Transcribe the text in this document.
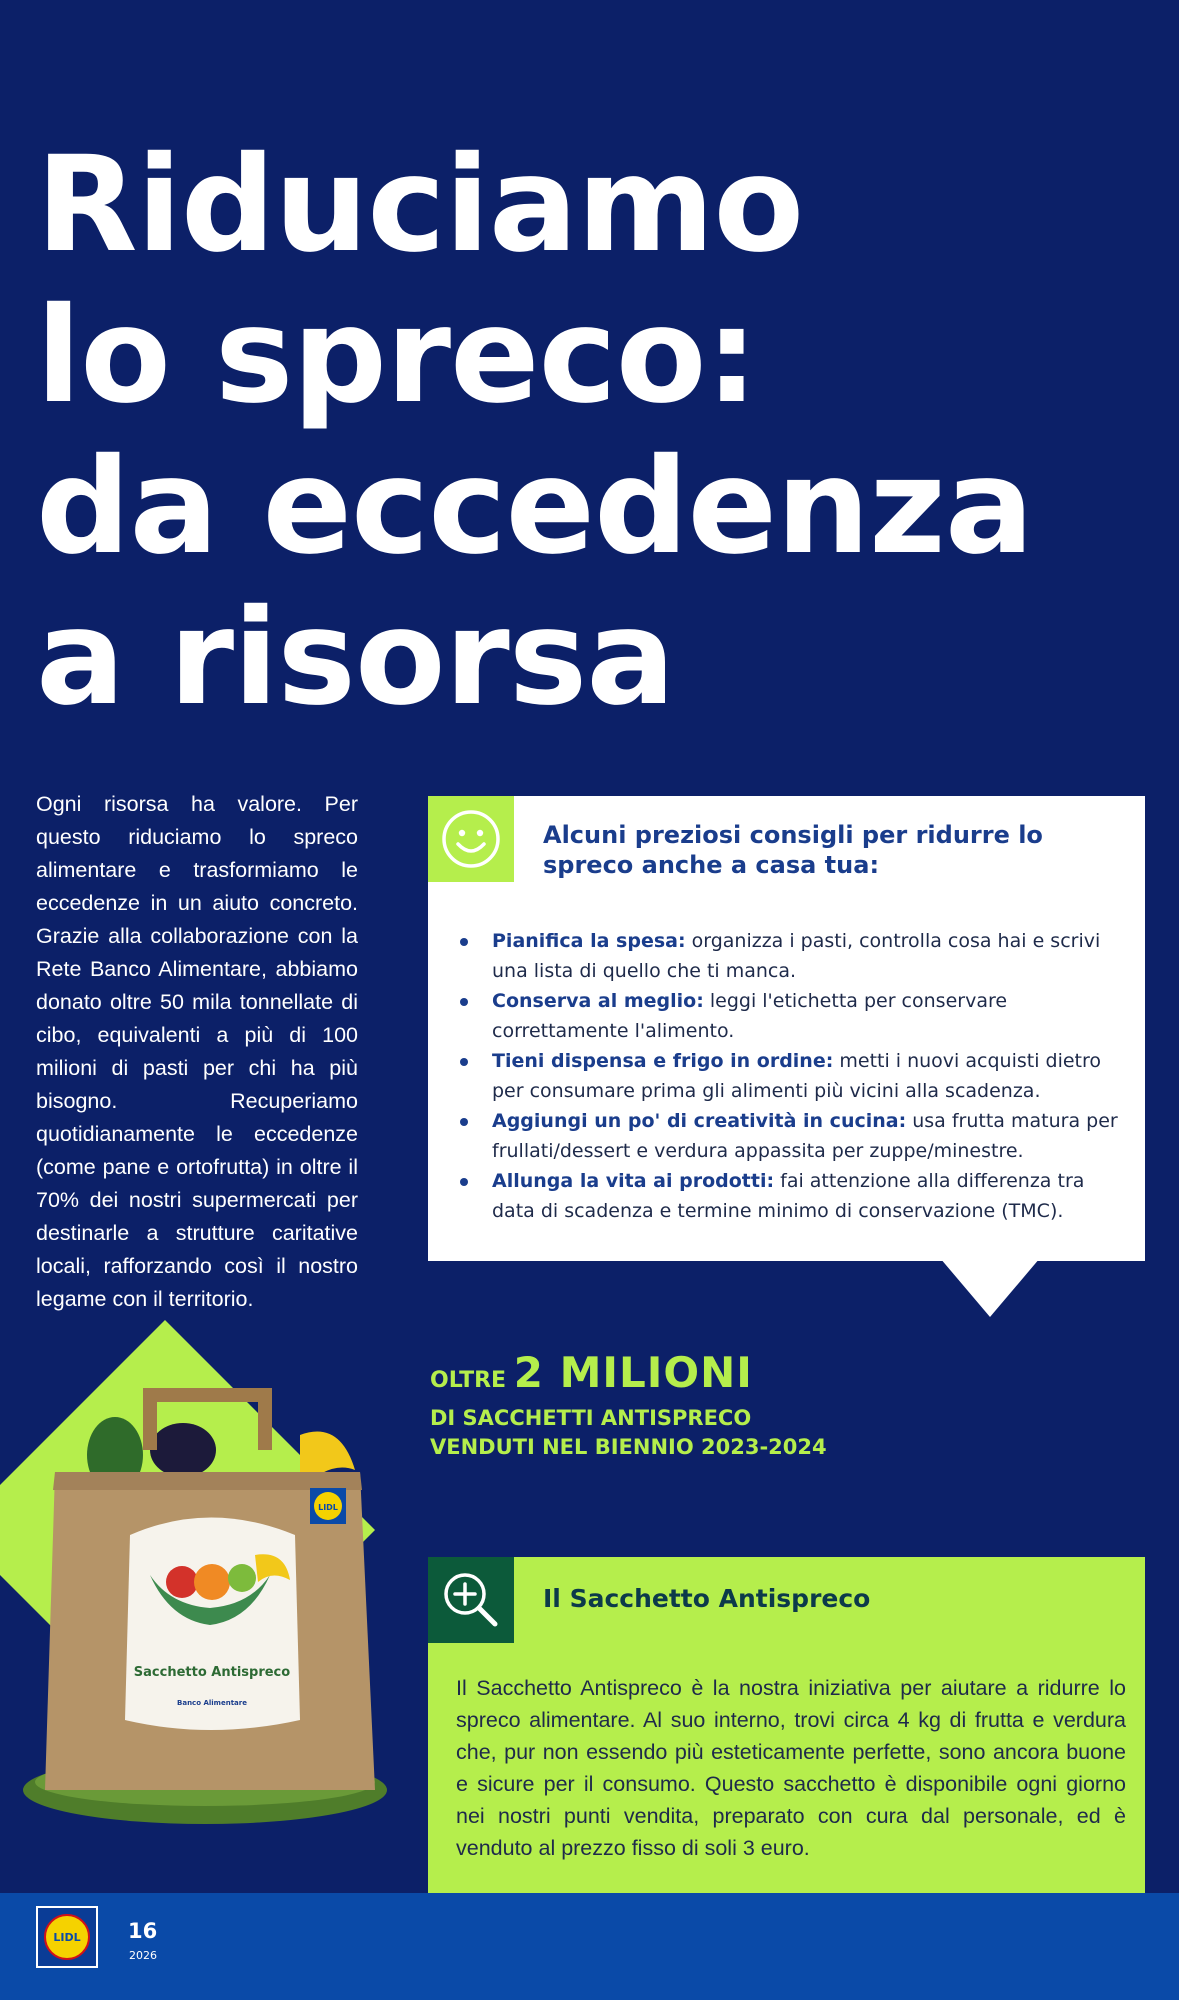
Riduciamo
lo spreco:
da eccedenza
a risorsa

Ogni risorsa ha valore. Per questo riduciamo lo spreco alimentare e trasformiamo le eccedenze in un aiuto concreto. Grazie alla collaborazione con la Rete Banco Alimentare, abbiamo donato oltre 50 mila tonnellate di cibo, equivalenti a più di 100 milioni di pasti per chi ha più bisogno. Recuperiamo quotidianamente le eccedenze (come pane e ortofrutta) in oltre il 70% dei nostri supermercati per destinarle a strutture caritative locali, rafforzando così il nostro legame con il territorio.

Alcuni preziosi consigli per ridurre lo spreco anche a casa tua:
Pianifica la spesa: organizza i pasti, controlla cosa hai e scrivi una lista di quello che ti manca.
Conserva al meglio: leggi l'etichetta per conservare correttamente l'alimento.
Tieni dispensa e frigo in ordine: metti i nuovi acquisti dietro per consumare prima gli alimenti più vicini alla scadenza.
Aggiungi un po' di creatività in cucina: usa frutta matura per frullati/dessert e verdura appassita per zuppe/minestre.
Allunga la vita ai prodotti: fai attenzione alla differenza tra data di scadenza e termine minimo di conservazione (TMC).
OLTRE 2 MILIONI
DI SACCHETTI ANTISPRECO
VENDUTI NEL BIENNIO 2023-2024
LIDL
Sacchetto Antispreco
Banco Alimentare
Il Sacchetto Antispreco

Il Sacchetto Antispreco è la nostra iniziativa per aiutare a ridurre lo spreco alimentare. Al suo interno, trovi circa 4 kg di frutta e verdura che, pur non essendo più esteticamente perfette, sono ancora buone e sicure per il consumo. Questo sacchetto è disponibile ogni giorno nei nostri punti vendita, preparato con cura dal personale, ed è venduto al prezzo fisso di soli 3 euro.

LIDL 16
2026
